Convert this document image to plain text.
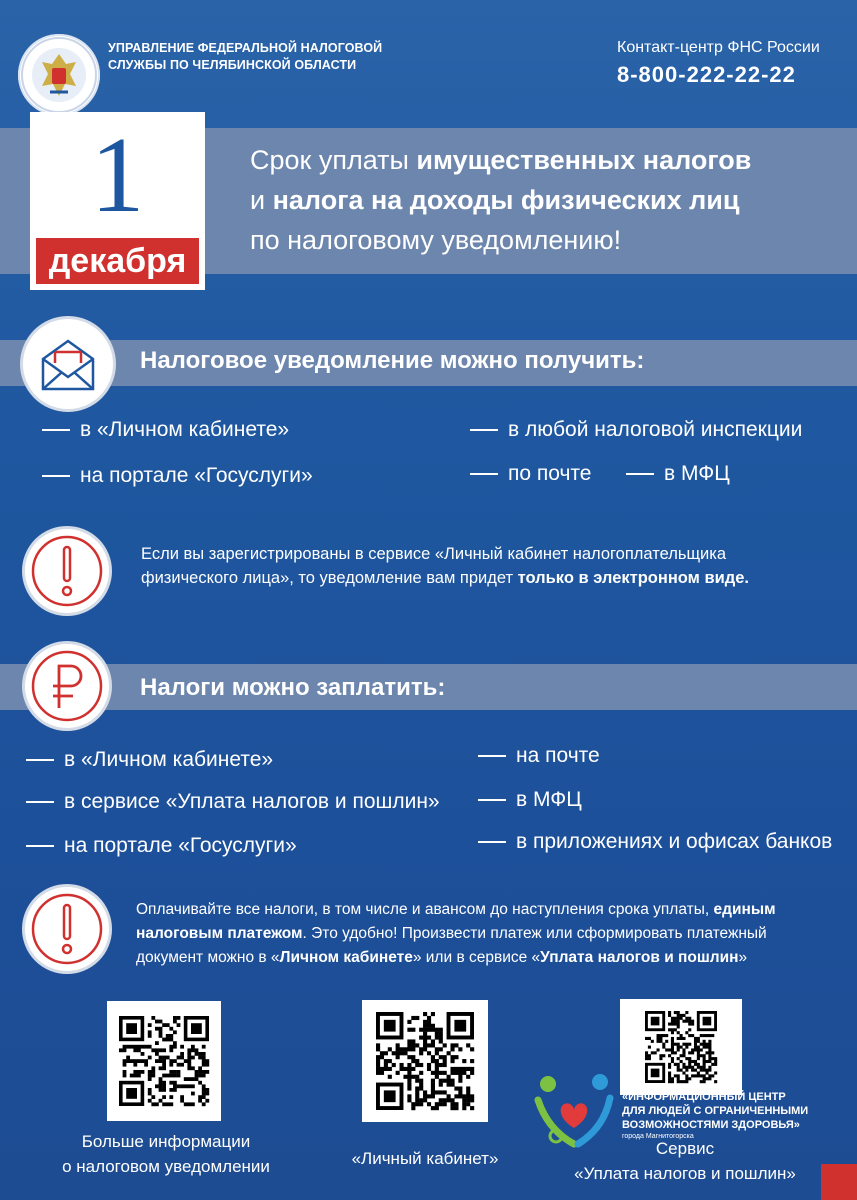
УПРАВЛЕНИЕ ФЕДЕРАЛЬНОЙ НАЛОГОВОЙ
СЛУЖБЫ ПО ЧЕЛЯБИНСКОЙ ОБЛАСТИ
Контакт-центр ФНС России
8-800-222-22-22
1
декабря
Срок уплаты имущественных налогов
и налога на доходы физических лиц
по налоговому уведомлению!
Налоговое уведомление можно получить:
в «Личном кабинете»
на портале «Госуслуги»
в любой налоговой инспекции
по почте	в МФЦ
Если вы зарегистрированы в сервисе «Личный кабинет налогоплательщика
физического лица», то уведомление вам придет только в электронном виде.
Налоги можно заплатить:
в «Личном кабинете»
в сервисе «Уплата налогов и пошлин»
на портале «Госуслуги»
на почте
в МФЦ
в приложениях и офисах банков
Оплачивайте все налоги, в том числе и авансом до наступления срока уплаты, единым
налоговым платежом. Это удобно! Произвести платеж или сформировать платежный
документ можно в «Личном кабинете» или в сервисе «Уплата налогов и пошлин»
Больше информации
о налоговом уведомлении	«Личный кабинет»
Сервис
«Уплата налогов и пошлин»
«ИНФОРМАЦИОННЫЙ ЦЕНТР
ДЛЯ ЛЮДЕЙ С ОГРАНИЧЕННЫМИ
ВОЗМОЖНОСТЯМИ ЗДОРОВЬЯ»
города Магнитогорска
